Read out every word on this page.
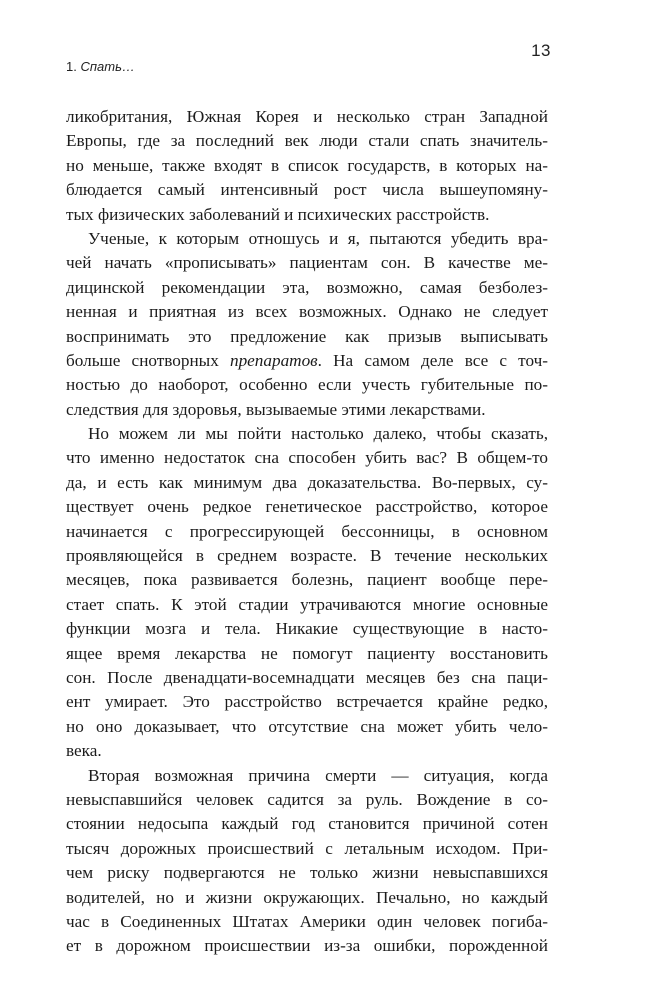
13
1. Спать…
ликобритания, Южная Корея и несколько стран Западной
Европы, где за последний век люди стали спать значитель-
но меньше, также входят в список государств, в которых на-
блюдается самый интенсивный рост числа вышеупомяну-
тых физических заболеваний и психических расстройств.
Ученые, к которым отношусь и я, пытаются убедить вра-
чей начать «прописывать» пациентам сон. В качестве ме-
дицинской рекомендации эта, возможно, самая безболез-
ненная и приятная из всех возможных. Однако не следует
воспринимать это предложение как призыв выписывать
больше снотворных препаратов. На самом деле все с точ-
ностью до наоборот, особенно если учесть губительные по-
следствия для здоровья, вызываемые этими лекарствами.
Но можем ли мы пойти настолько далеко, чтобы сказать,
что именно недостаток сна способен убить вас? В общем-то
да, и есть как минимум два доказательства. Во-первых, су-
ществует очень редкое генетическое расстройство, которое
начинается с прогрессирующей бессонницы, в основном
проявляющейся в среднем возрасте. В течение нескольких
месяцев, пока развивается болезнь, пациент вообще пере-
стает спать. К этой стадии утрачиваются многие основные
функции мозга и тела. Никакие существующие в насто-
ящее время лекарства не помогут пациенту восстановить
сон. После двенадцати-восемнадцати месяцев без сна паци-
ент умирает. Это расстройство встречается крайне редко,
но оно доказывает, что отсутствие сна может убить чело-
века.
Вторая возможная причина смерти — ситуация, когда
невыспавшийся человек садится за руль. Вождение в со-
стоянии недосыпа каждый год становится причиной сотен
тысяч дорожных происшествий с летальным исходом. При-
чем риску подвергаются не только жизни невыспавшихся
водителей, но и жизни окружающих. Печально, но каждый
час в Соединенных Штатах Америки один человек погиба-
ет в дорожном происшествии из-за ошибки, порожденной
